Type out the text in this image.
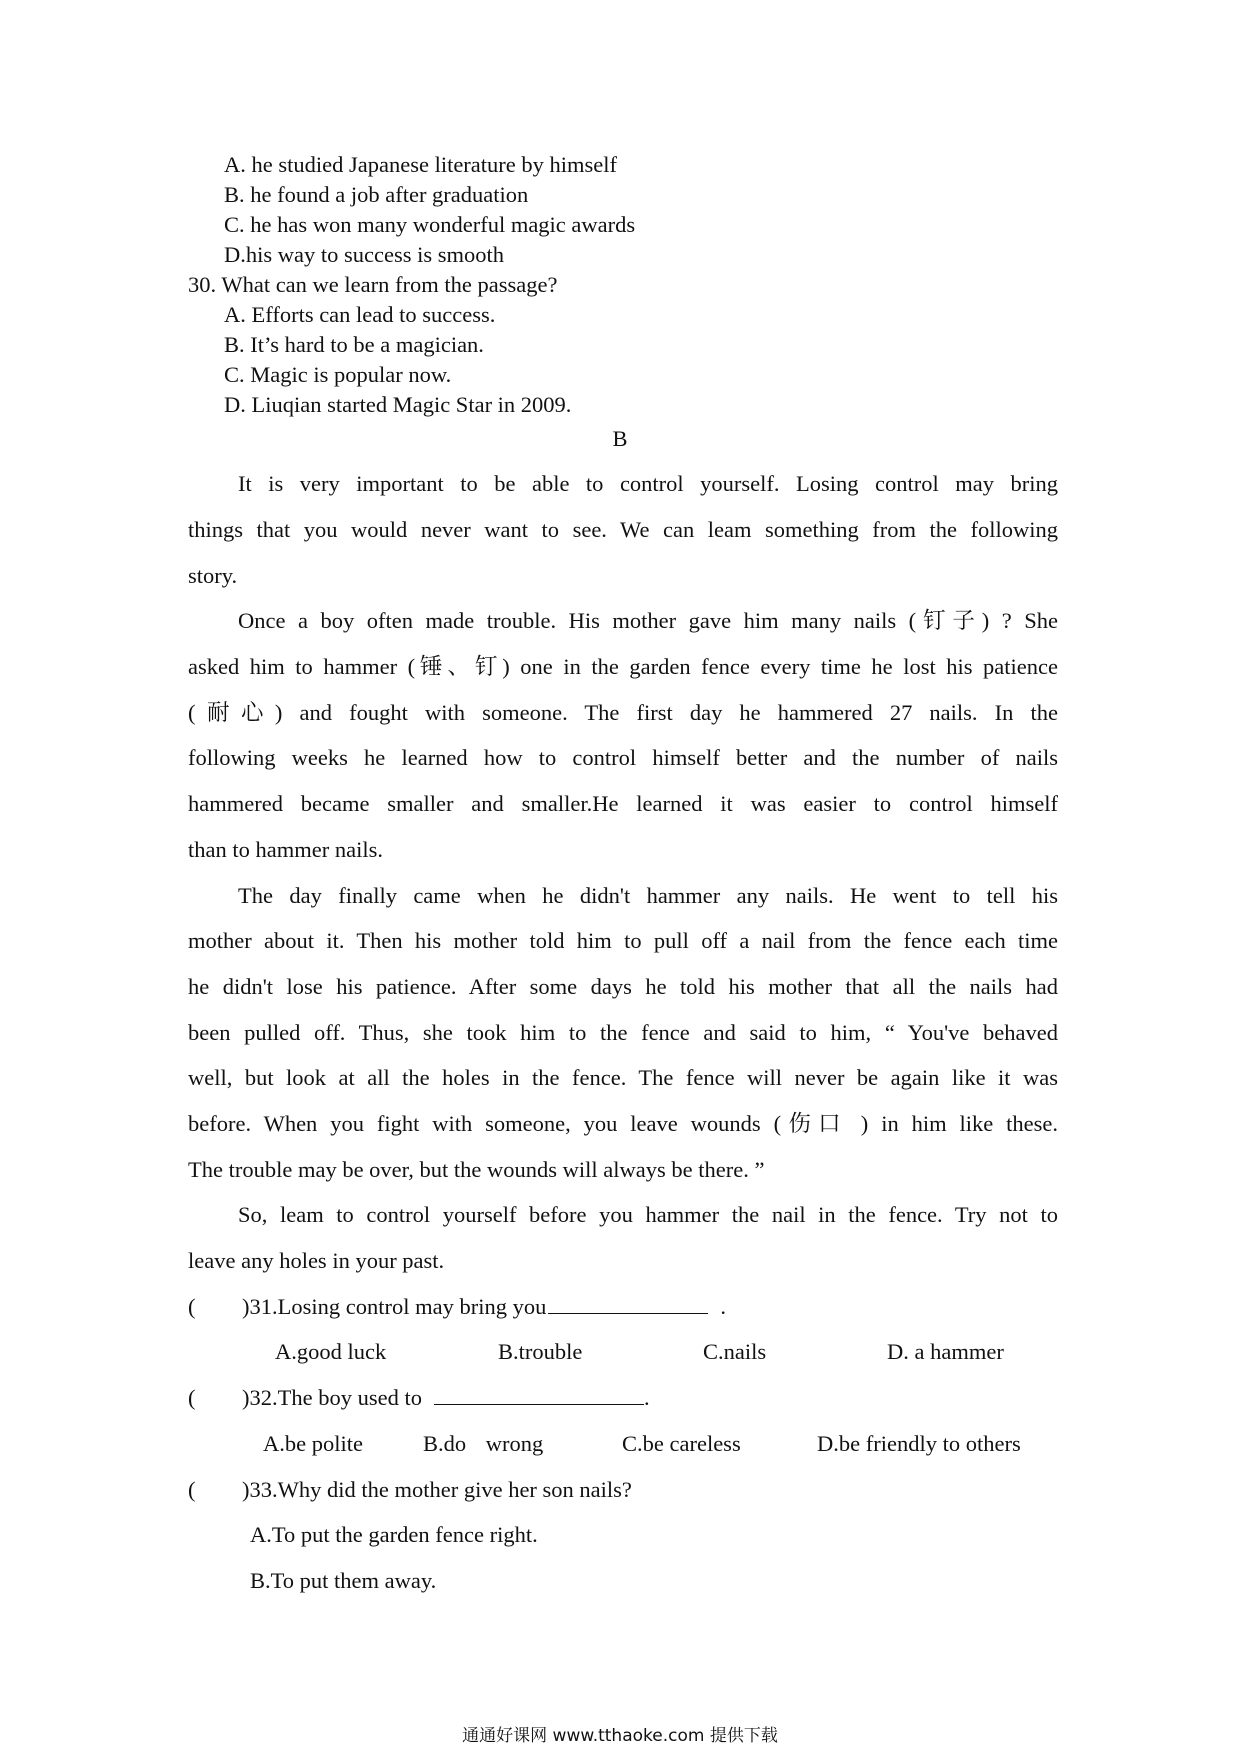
A. he studied Japanese literature by himself
B. he found a job after graduation
C. he has won many wonderful magic awards
D.his way to success is smooth
30. What can we learn from the passage?
A. Efforts can lead to success.
B. It’s hard to be a magician.
C. Magic is popular now.
D. Liuqian started Magic Star in 2009.
B
It is very important to be able to control yourself. Losing control may bring
things that you would never want to see. We can leam something from the following
story.
Once a boy often made trouble. His mother gave him many nails (钉子) ? She
asked him to hammer (锤、钉) one in the garden fence every time he lost his patience
(耐心) and fought with someone. The first day he hammered 27 nails. In the
following weeks he learned how to control himself better and the number of nails
hammered became smaller and smaller.He learned it was easier to control himself
than to hammer nails.
The day finally came when he didn't hammer any nails. He went to tell his
mother about it. Then his mother told him to pull off a nail from the fence each time
he didn't lose his patience. After some days he told his mother that all the nails had
been pulled off. Thus, she took him to the fence and said to him, “ You've behaved
well, but look at all the holes in the fence. The fence will never be again like it was
before. When you fight with someone, you leave wounds (伤口 ) in him like these.
The trouble may be over, but the wounds will always be there. ”
So, leam to control yourself before you hammer the nail in the fence. Try not to
leave any holes in your past.
( )31.Losing control may bring you	.
A.good luck	B.trouble	C.nails	D. a hammer
( )32.The boy used to	.
A.be polite	B.do wrong	C.be careless	D.be friendly to others
( )33.Why did the mother give her son nails?
A.To put the garden fence right.
B.To put them away.
通通好课网 www.tthaoke.com 提供下载
